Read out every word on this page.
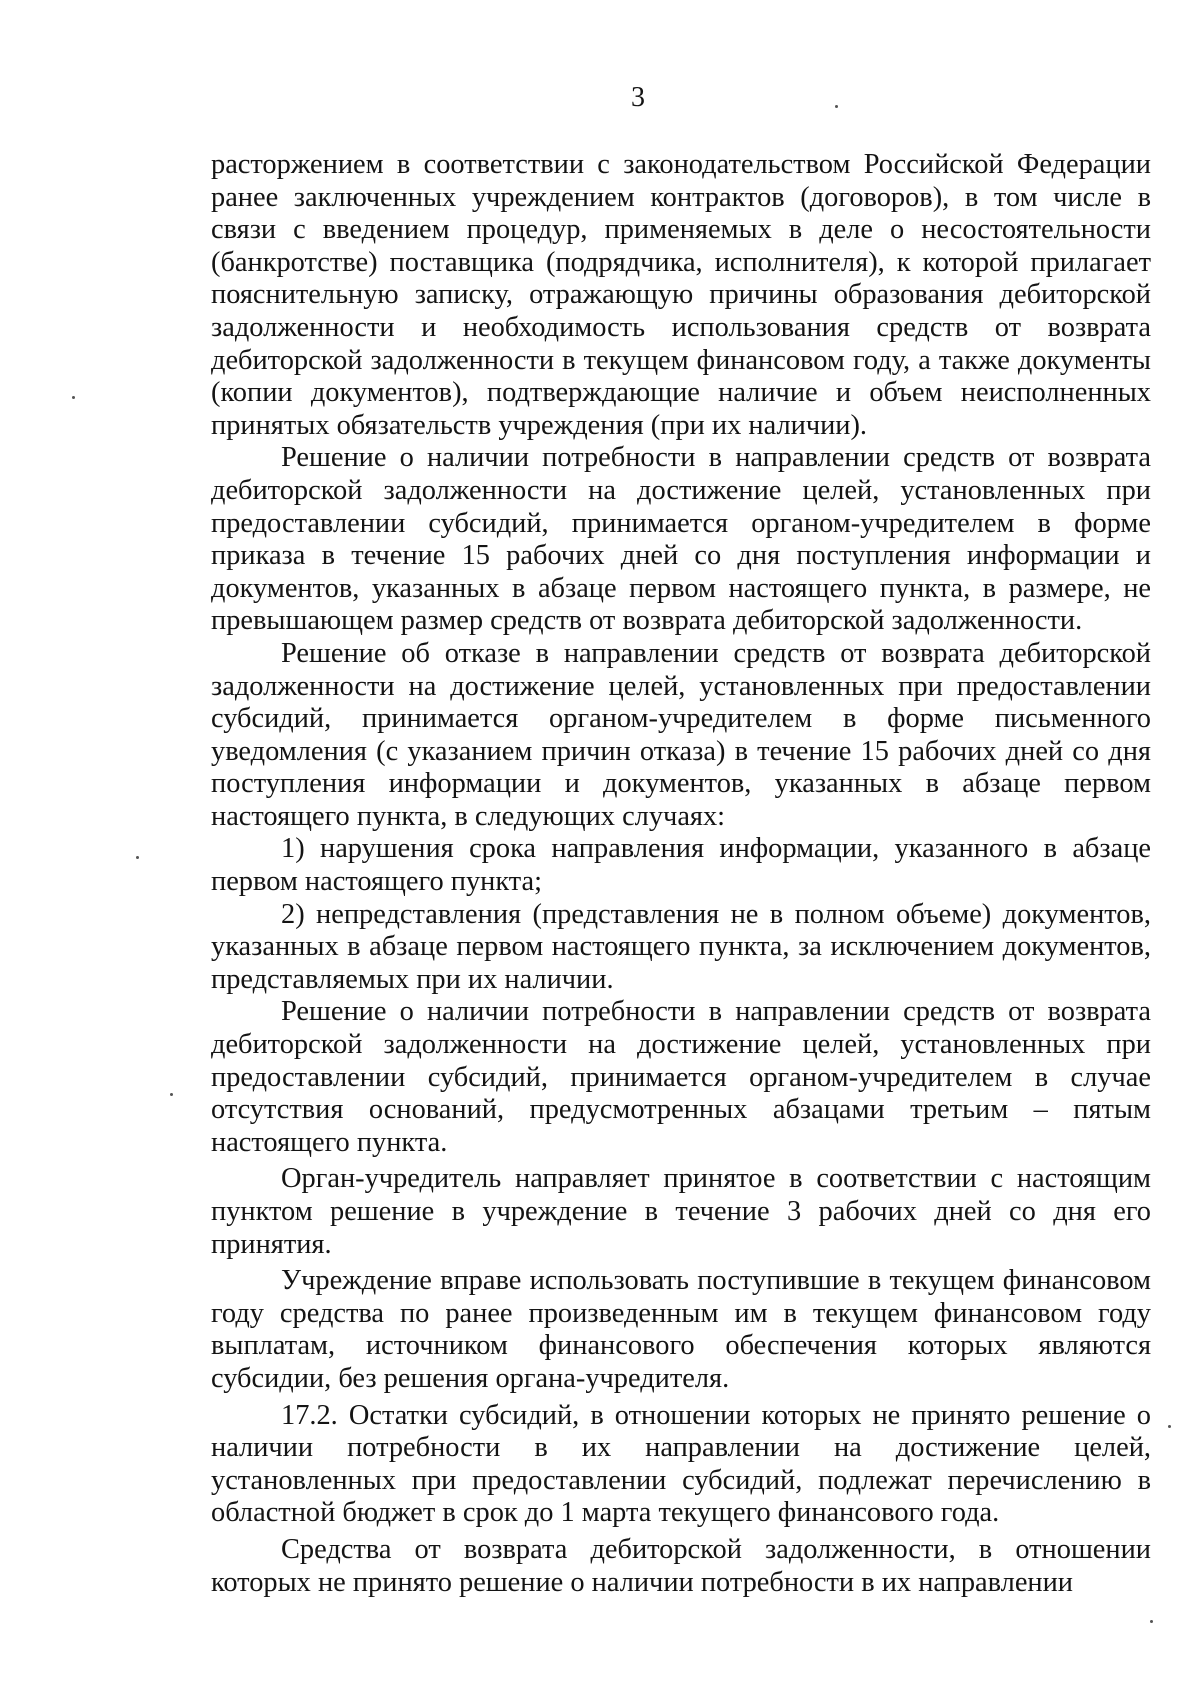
3

расторжением в соответствии с законодательством Российской Федерации ранее заключенных учреждением контрактов (договоров), в том числе в связи с введением процедур, применяемых в деле о несостоятельности (банкротстве) поставщика (подрядчика, исполнителя), к которой прилагает пояснительную записку, отражающую причины образования дебиторской задолженности и необходимость использования средств от возврата дебиторской задолженности в текущем финансовом году, а также документы (копии документов), подтверждающие наличие и объем неисполненных принятых обязательств учреждения (при их наличии).

Решение о наличии потребности в направлении средств от возврата дебиторской задолженности на достижение целей, установленных при предоставлении субсидий, принимается органом-учредителем в форме приказа в течение 15 рабочих дней со дня поступления информации и документов, указанных в абзаце первом настоящего пункта, в размере, не превышающем размер средств от возврата дебиторской задолженности.

Решение об отказе в направлении средств от возврата дебиторской задолженности на достижение целей, установленных при предоставлении субсидий, принимается органом-учредителем в форме письменного уведомления (с указанием причин отказа) в течение 15 рабочих дней со дня поступления информации и документов, указанных в абзаце первом настоящего пункта, в следующих случаях:

1) нарушения срока направления информации, указанного в абзаце первом настоящего пункта;

2) непредставления (представления не в полном объеме) документов, указанных в абзаце первом настоящего пункта, за исключением документов, представляемых при их наличии.

Решение о наличии потребности в направлении средств от возврата дебиторской задолженности на достижение целей, установленных при предоставлении субсидий, принимается органом-учредителем в случае отсутствия оснований, предусмотренных абзацами третьим – пятым настоящего пункта.

Орган-учредитель направляет принятое в соответствии с настоящим пунктом решение в учреждение в течение 3 рабочих дней со дня его принятия.

Учреждение вправе использовать поступившие в текущем финансовом году средства по ранее произведенным им в текущем финансовом году выплатам, источником финансового обеспечения которых являются субсидии, без решения органа-учредителя.

17.2. Остатки субсидий, в отношении которых не принято решение о наличии потребности в их направлении на достижение целей, установленных при предоставлении субсидий, подлежат перечислению в областной бюджет в срок до 1 марта текущего финансового года.

Средства от возврата дебиторской задолженности, в отношении которых не принято решение о наличии потребности в их направлении
